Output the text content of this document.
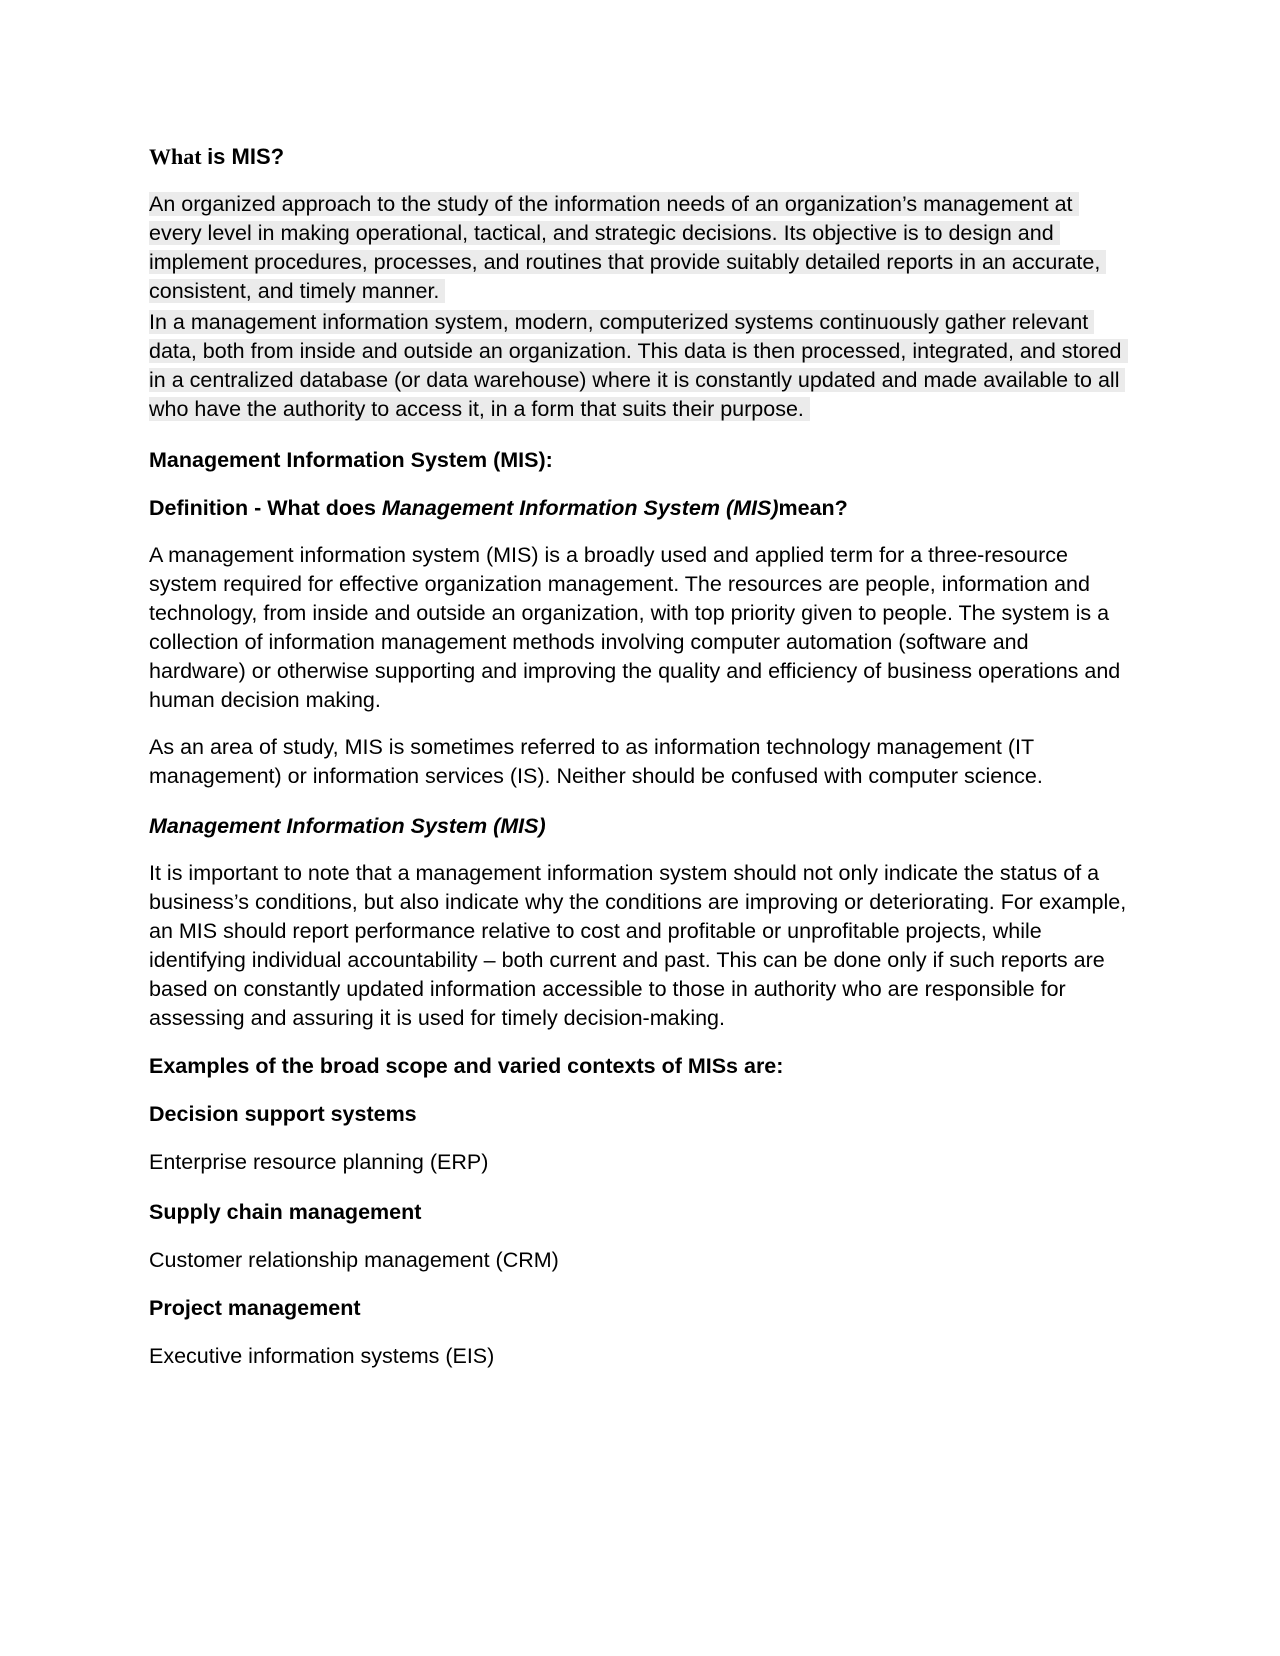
What is MIS?

An organized approach to the study of the information needs of an organization’s management at every level in making operational, tactical, and strategic decisions. Its objective is to design and implement procedures, processes, and routines that provide suitably detailed reports in an accurate, consistent, and timely manner.

In a management information system, modern, computerized systems continuously gather relevant data, both from inside and outside an organization. This data is then processed, integrated, and stored in a centralized database (or data warehouse) where it is constantly updated and made available to all who have the authority to access it, in a form that suits their purpose.

Management Information System (MIS):

Definition - What does Management Information System (MIS)mean?

A management information system (MIS) is a broadly used and applied term for a three-resource system required for effective organization management. The resources are people, information and technology, from inside and outside an organization, with top priority given to people. The system is a collection of information management methods involving computer automation (software and hardware) or otherwise supporting and improving the quality and efficiency of business operations and human decision making.

As an area of study, MIS is sometimes referred to as information technology management (IT management) or information services (IS). Neither should be confused with computer science.

Management Information System (MIS)

It is important to note that a management information system should not only indicate the status of a business’s conditions, but also indicate why the conditions are improving or deteriorating. For example, an MIS should report performance relative to cost and profitable or unprofitable projects, while identifying individual accountability – both current and past. This can be done only if such reports are based on constantly updated information accessible to those in authority who are responsible for assessing and assuring it is used for timely decision-making.

Examples of the broad scope and varied contexts of MISs are:

Decision support systems

Enterprise resource planning (ERP)

Supply chain management

Customer relationship management (CRM)

Project management

Executive information systems (EIS)
